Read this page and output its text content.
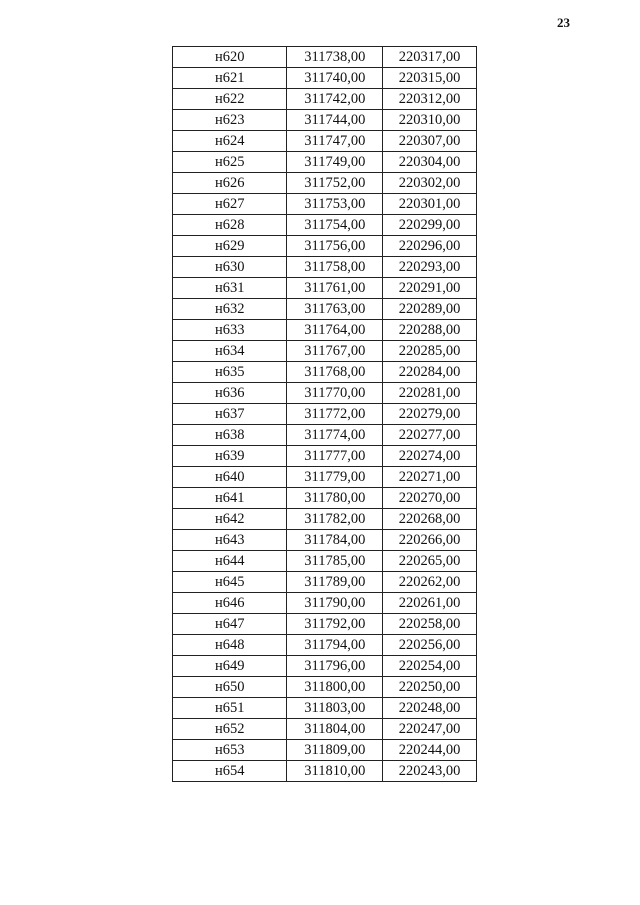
23
н620	311738,00	220317,00
н621	311740,00	220315,00
н622	311742,00	220312,00
н623	311744,00	220310,00
н624	311747,00	220307,00
н625	311749,00	220304,00
н626	311752,00	220302,00
н627	311753,00	220301,00
н628	311754,00	220299,00
н629	311756,00	220296,00
н630	311758,00	220293,00
н631	311761,00	220291,00
н632	311763,00	220289,00
н633	311764,00	220288,00
н634	311767,00	220285,00
н635	311768,00	220284,00
н636	311770,00	220281,00
н637	311772,00	220279,00
н638	311774,00	220277,00
н639	311777,00	220274,00
н640	311779,00	220271,00
н641	311780,00	220270,00
н642	311782,00	220268,00
н643	311784,00	220266,00
н644	311785,00	220265,00
н645	311789,00	220262,00
н646	311790,00	220261,00
н647	311792,00	220258,00
н648	311794,00	220256,00
н649	311796,00	220254,00
н650	311800,00	220250,00
н651	311803,00	220248,00
н652	311804,00	220247,00
н653	311809,00	220244,00
н654	311810,00	220243,00
